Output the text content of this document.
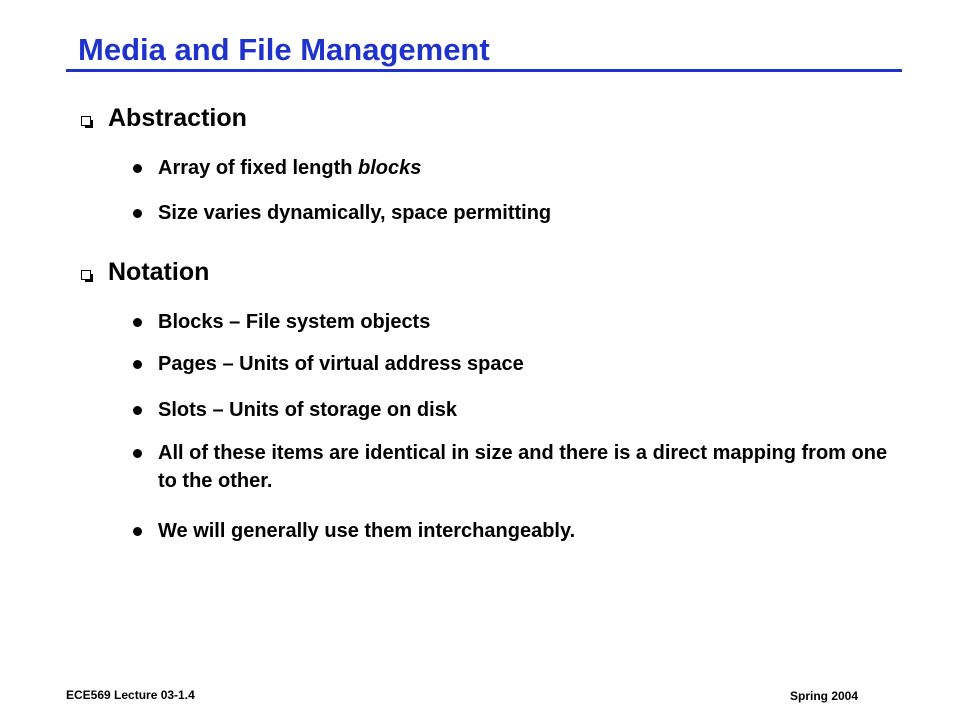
Media and File Management
Abstraction
Array of fixed length blocks
Size varies dynamically, space permitting
Notation
Blocks – File system objects
Pages – Units of virtual address space
Slots – Units of storage on disk
All of these items are identical in size and there is a direct mapping from one to the other.
We will generally use them interchangeably.
ECE569 Lecture 03-1.4	Spring 2004
